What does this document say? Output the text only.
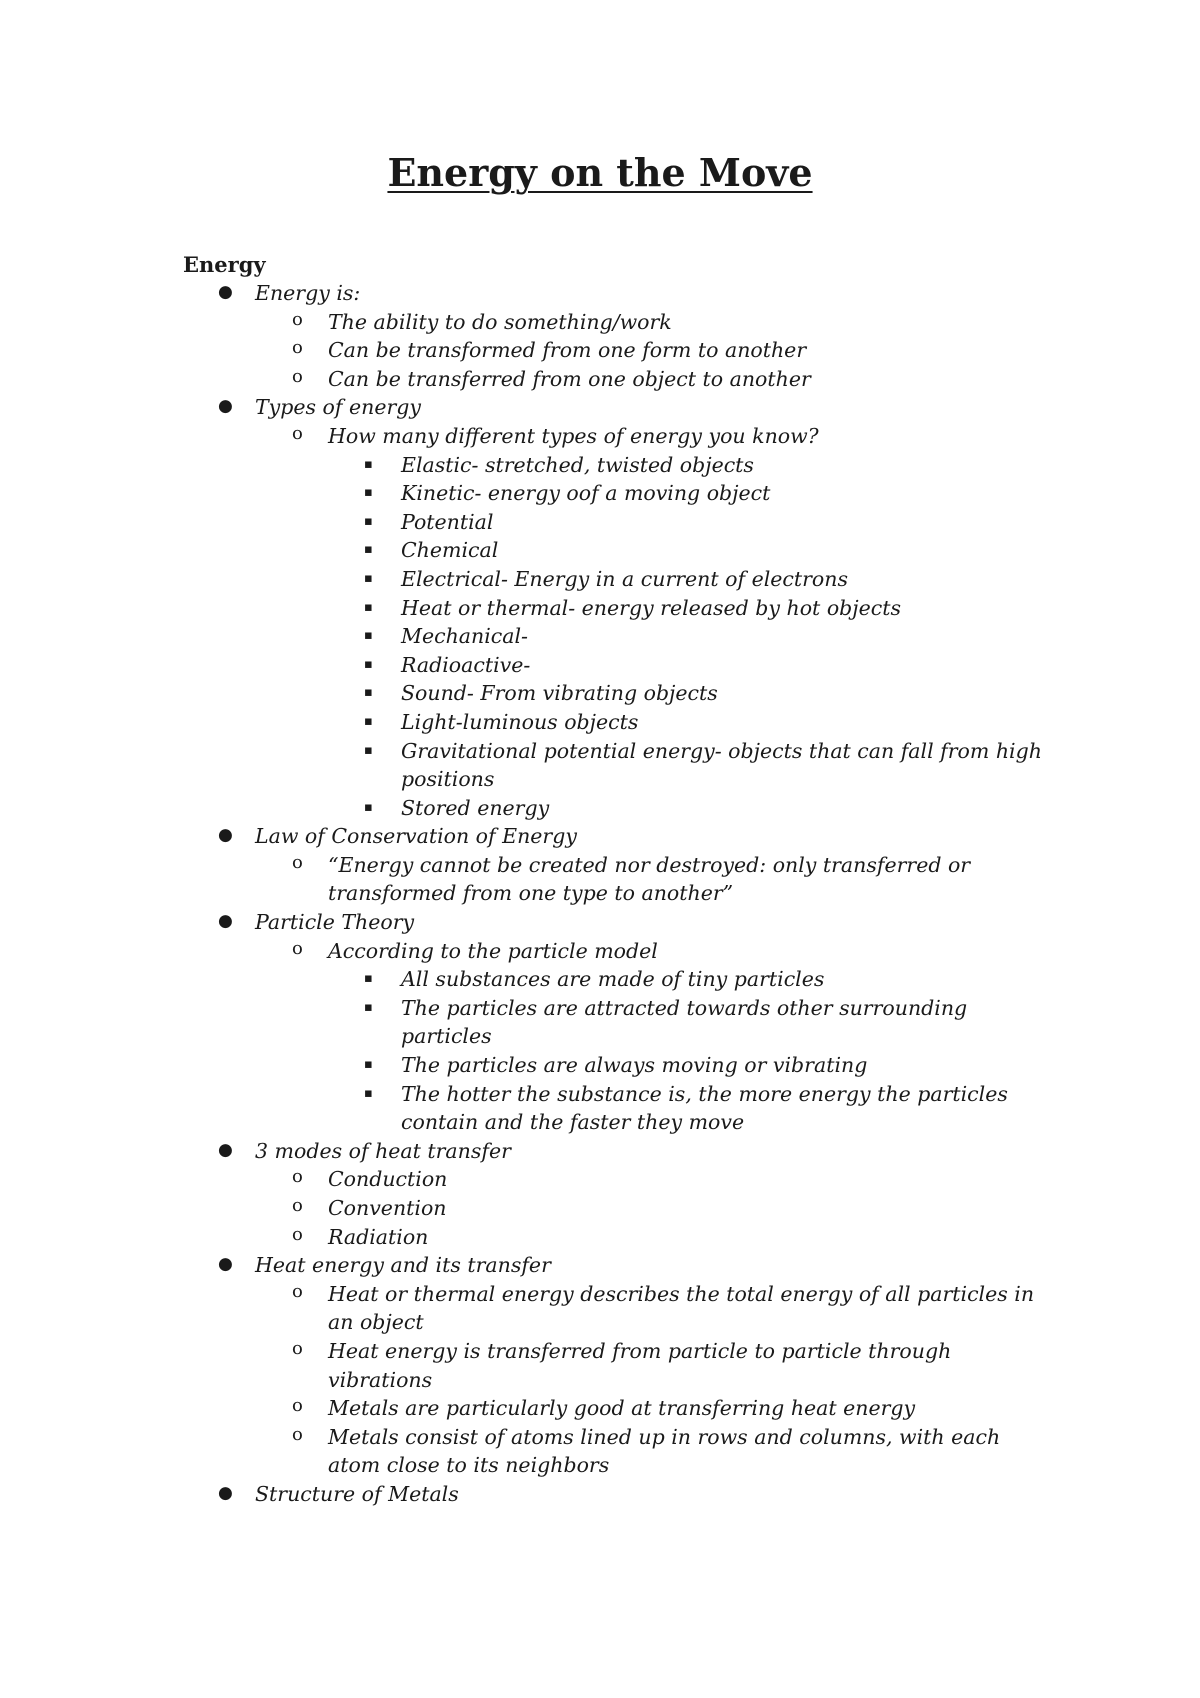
Energy on the Move
Energy
● Energy is:
o The ability to do something/work
o Can be transformed from one form to another
o Can be transferred from one object to another
● Types of energy
o How many different types of energy you know?
▪ Elastic- stretched, twisted objects
▪ Kinetic- energy oof a moving object
▪ Potential
▪ Chemical
▪ Electrical- Energy in a current of electrons
▪ Heat or thermal- energy released by hot objects
▪ Mechanical-
▪ Radioactive-
▪ Sound- From vibrating objects
▪ Light-luminous objects
▪ Gravitational potential energy- objects that can fall from high
positions
▪ Stored energy
● Law of Conservation of Energy
o “Energy cannot be created nor destroyed: only transferred or
transformed from one type to another”
● Particle Theory
o According to the particle model
▪ All substances are made of tiny particles
▪ The particles are attracted towards other surrounding
particles
▪ The particles are always moving or vibrating
▪ The hotter the substance is, the more energy the particles
contain and the faster they move
● 3 modes of heat transfer
o Conduction
o Convention
o Radiation
● Heat energy and its transfer
o Heat or thermal energy describes the total energy of all particles in
an object
o Heat energy is transferred from particle to particle through
vibrations
o Metals are particularly good at transferring heat energy
o Metals consist of atoms lined up in rows and columns, with each
atom close to its neighbors
● Structure of Metals
